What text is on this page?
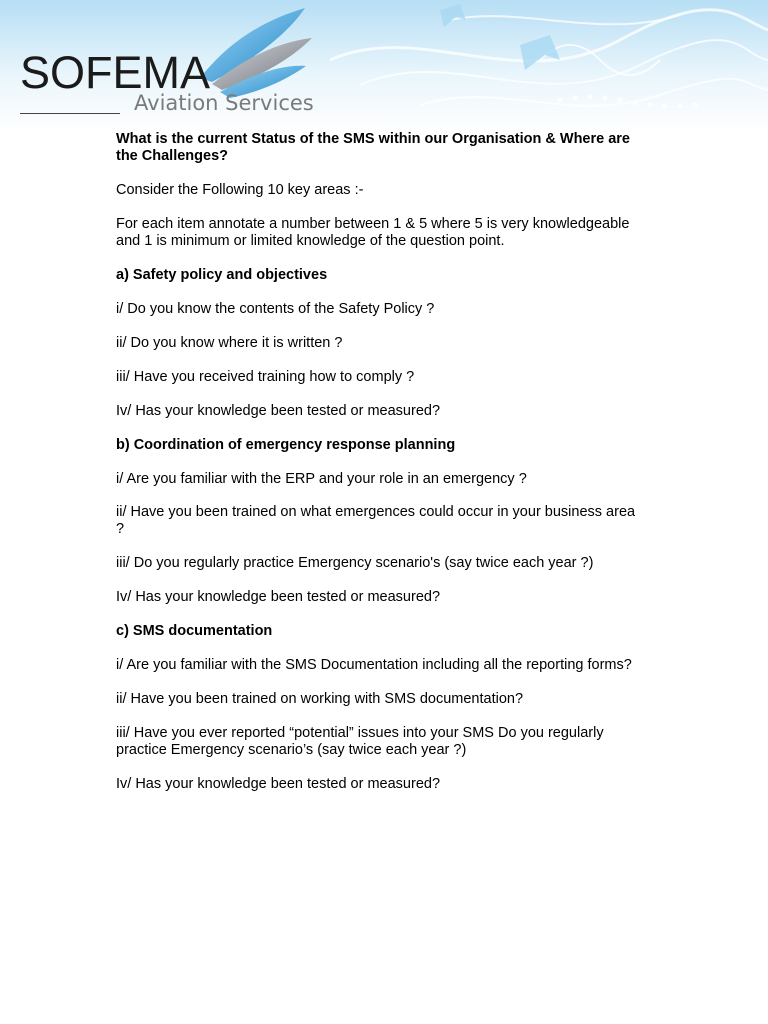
SOFEMA
Aviation Services

What is the current Status of the SMS within our Organisation & Where are the Challenges?

Consider the Following 10 key areas :-

For each item annotate a number between 1 & 5 where 5 is very knowledgeable and 1 is minimum or limited knowledge of the question point.

a) Safety policy and objectives

i/ Do you know the contents of the Safety Policy ?

ii/ Do you know where it is written ?

iii/ Have you received training how to comply ?

Iv/ Has your knowledge been tested or measured?

b) Coordination of emergency response planning

i/ Are you familiar with the ERP and your role in an emergency ?

ii/ Have you been trained on what emergences could occur in your business area ?

iii/ Do you regularly practice Emergency scenario's (say twice each year ?)

Iv/ Has your knowledge been tested or measured?

c) SMS documentation

i/ Are you familiar with the SMS Documentation including all the reporting forms?

ii/ Have you been trained on working with SMS documentation?

iii/ Have you ever reported “potential” issues into your SMS Do you regularly practice Emergency scenario’s (say twice each year ?)

Iv/ Has your knowledge been tested or measured?
